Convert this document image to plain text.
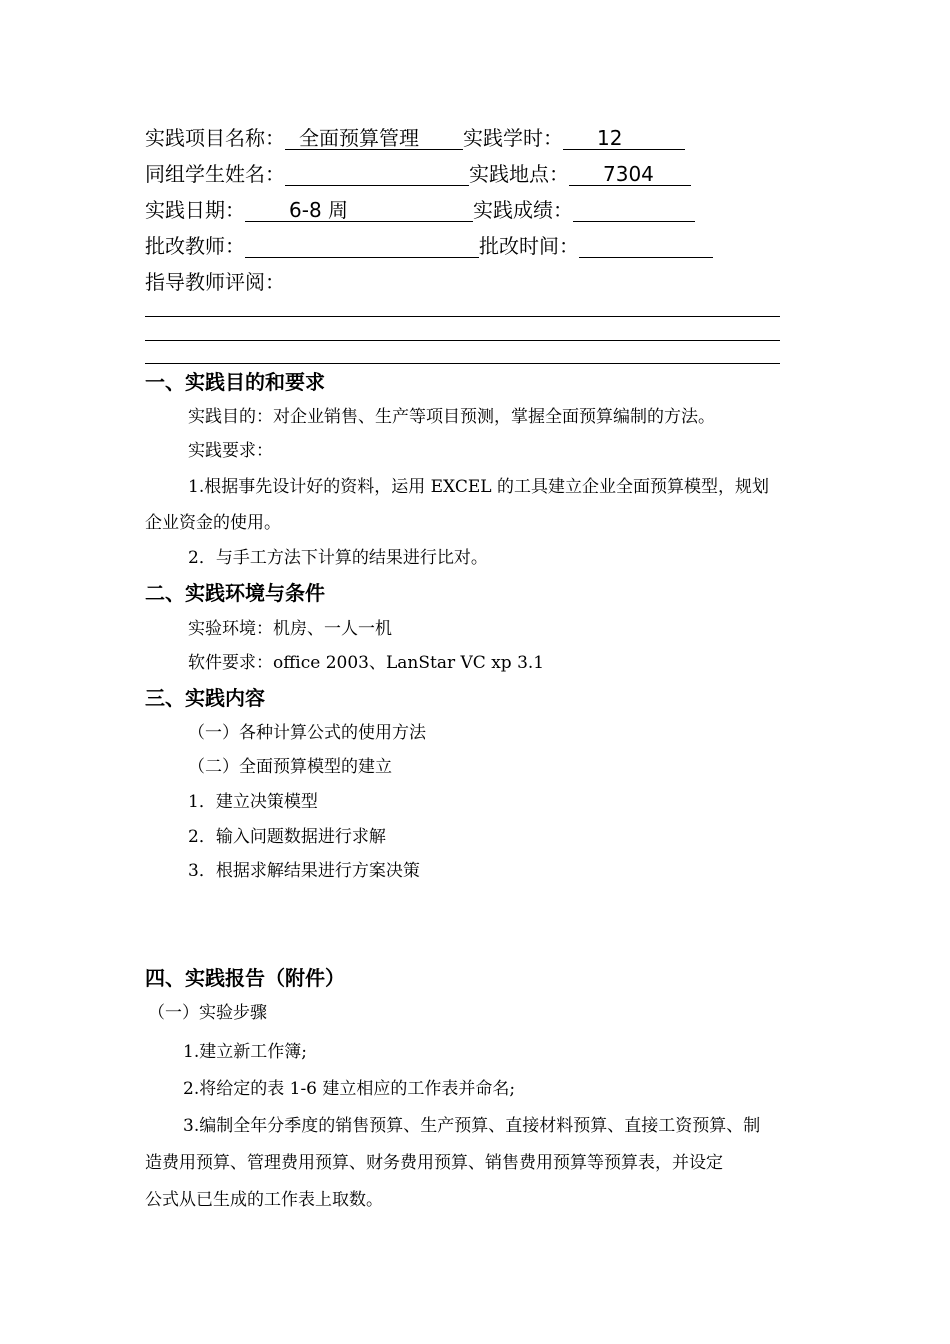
实践项目名称： 全面预算管理 实践学时： 12
同组学生姓名：	实践地点： 7304
实践日期： 6-8 周	实践成绩：
批改教师：	批改时间：
指导教师评阅：
一、实践目的和要求
实践目的：对企业销售、生产等项目预测，掌握全面预算编制的方法。
实践要求：
1.根据事先设计好的资料，运用 EXCEL 的工具建立企业全面预算模型，规划
企业资金的使用。
2．与手工方法下计算的结果进行比对。
二、实践环境与条件
实验环境：机房、一人一机
软件要求：office 2003、LanStar VC xp 3.1
三、实践内容
（一）各种计算公式的使用方法
（二）全面预算模型的建立
1．建立决策模型
2．输入问题数据进行求解
3．根据求解结果进行方案决策
四、实践报告（附件）
（一）实验步骤
1.建立新工作簿;
2.将给定的表 1-6 建立相应的工作表并命名;
3.编制全年分季度的销售预算、生产预算、直接材料预算、直接工资预算、制
造费用预算、管理费用预算、财务费用预算、销售费用预算等预算表，并设定
公式从已生成的工作表上取数。
